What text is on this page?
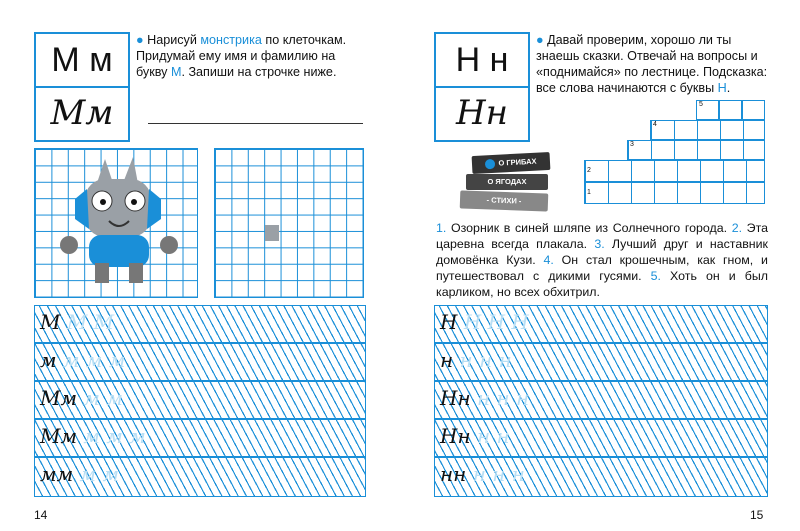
М м
Мм
● Нарисуй монстрика по клеточкам. Придумай ему имя и фамилию на букву М. Запиши на строчке ниже.
М М М
м м м м
Мм м м
Мм м м м
мм м м
14
Н н
Нн
● Давай проверим, хорошо ли ты знаешь сказки. Отвечай на вопросы и «поднимайся» по лестнице. Подсказка: все слова начинаются с буквы Н.
5
4
3
2
1
О ГРИБАХ
О ЯГОДАХ
- СТИХИ -
1. Озорник в синей шляпе из Солнечного города. 2. Эта царевна всегда плакала. 3. Лучший друг и наставник домовёнка Кузи. 4. Он стал крошечным, как гном, и путешествовал с дикими гусями. 5. Хоть он и был карликом, но всех обхитрил.
Н Н Н Н
н н н н
Нн н н н
Нн н н
нн н н н
15
